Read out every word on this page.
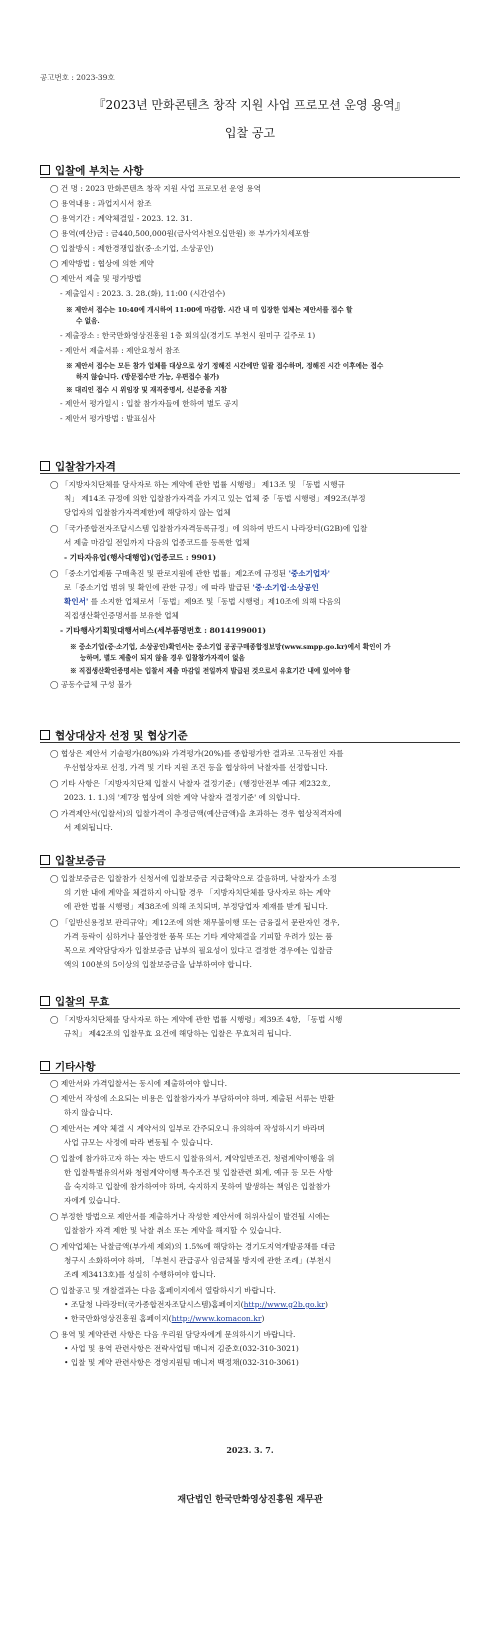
공고번호 : 2023-39호
『2023년 만화콘텐츠 창작 지원 사업 프로모션 운영 용역』
입찰 공고
입찰에 부치는 사항
◯ 건 명 : 2023 만화콘텐츠 창작 지원 사업 프로모션 운영 용역
◯ 용역내용 : 과업지시서 참조
◯ 용역기간 : 계약체결일 - 2023. 12. 31.
◯ 용역(예산)금 : 금440,500,000원(금사억사천오십만원) ※ 부가가치세포함
◯ 입찰방식 : 제한경쟁입찰(중·소기업, 소상공인)
◯ 계약방법 : 협상에 의한 계약
◯ 제안서 제출 및 평가방법
- 제출일시 : 2023. 3. 28.(화), 11:00 (시간엄수)
※ 제안서 접수는 10:40에 개시하여 11:00에 마감함. 시간 내 미 입장한 업체는 제안서를 접수 할
수 없음.
- 제출장소 : 한국만화영상진흥원 1층 회의실(경기도 부천시 원미구 길주로 1)
- 제안서 제출서류 : 제안요청서 참조
※ 제안서 접수는 모든 참가 업체를 대상으로 상기 정해진 시간에만 일괄 접수하며, 정해진 시간 이후에는 접수
하지 않습니다. (방문접수만 가능, 우편접수 불가)
※ 대리인 접수 시 위임장 및 재직증명서, 신분증을 지참
- 제안서 평가일시 : 입찰 참가자들에 한하여 별도 공지
- 제안서 평가방법 : 발표심사
입찰참가자격
◯ 「지방자치단체를 당사자로 하는 계약에 관한 법률 시행령」 제13조 및 「동법 시행규
칙」 제14조 규정에 의한 입찰참가자격을 가지고 있는 업체 중「동법 시행령」제92조(부정
당업자의 입찰참가자격제한)에 해당하지 않는 업체
◯ 「국가종합전자조달시스템 입찰참가자격등록규정」에 의하여 반드시 나라장터(G2B)에 입찰
서 제출 마감일 전일까지 다음의 업종코드를 등록한 업체
- 기타자유업(행사대행업)(업종코드 : 9901)
◯ 「중소기업제품 구매촉진 및 판로지원에 관한 법률」제2조에 규정된 '중소기업자'
로「중소기업 범위 및 확인에 관한 규정」에 따라 발급된 '중·소기업·소상공인
확인서' 를 소지한 업체로서「동법」제9조 및「동법 시행령」제10조에 의해 다음의
직접생산확인증명서를 보유한 업체
- 기타행사기획및대행서비스(세부품명번호 : 8014199001)
※ 중소기업(중·소기업, 소상공인)확인서는 중소기업 공공구매종합정보망(www.smpp.go.kr)에서 확인이 가
능하며, 별도 제출이 되지 않을 경우 입찰참가자격이 없음
※ 직접생산확인증명서는 입찰서 제출 마감일 전일까지 발급된 것으로서 유효기간 내에 있어야 함
◯ 공동수급체 구성 불가
협상대상자 선정 및 협상기준
◯ 협상은 제안서 기술평가(80%)와 가격평가(20%)를 종합평가한 결과로 고득점인 자를
우선협상자로 선정, 가격 및 기타 지원 조건 등을 협상하여 낙찰자를 선정합니다.
◯ 기타 사항은「지방자치단체 입찰시 낙찰자 결정기준」(행정안전부 예규 제232호,
2023. 1. 1.)의 '제7장 협상에 의한 계약 낙찰자 결정기준' 에 의합니다.
◯ 가격제안서(입찰서)의 입찰가격이 추정금액(예산금액)을 초과하는 경우 협상적격자에
서 제외됩니다.
입찰보증금
◯ 입찰보증금은 입찰참가 신청서에 입찰보증금 지급확약으로 갈음하며, 낙찰자가 소정
의 기한 내에 계약을 체결하지 아니할 경우 「지방자치단체를 당사자로 하는 계약
에 관한 법률 시행령」제38조에 의해 조치되며, 부정당업자 제재를 받게 됩니다.
◯ 「일반신용정보 관리규약」제12조에 의한 채무불이행 또는 금융질서 문란자인 경우,
가격 등락이 심하거나 불안정한 품목 또는 기타 계약체결을 기피할 우려가 있는 품
목으로 계약담당자가 입찰보증금 납부의 필요성이 있다고 결정한 경우에는 입찰금
액의 100분의 5이상의 입찰보증금을 납부하여야 합니다.
입찰의 무효
◯ 「지방자치단체를 당사자로 하는 계약에 관한 법률 시행령」제39조 4항, 「동법 시행
규칙」 제42조의 입찰무효 요건에 해당하는 입찰은 무효처리 됩니다.
기타사항
◯ 제안서와 가격입찰서는 동시에 제출하여야 합니다.
◯ 제안서 작성에 소요되는 비용은 입찰참가자가 부담하여야 하며, 제출된 서류는 반환
하지 않습니다.
◯ 제안서는 계약 체결 시 계약서의 일부로 간주되오니 유의하여 작성하시기 바라며
사업 규모는 사정에 따라 변동될 수 있습니다.
◯ 입찰에 참가하고자 하는 자는 반드시 입찰유의서, 계약일반조건, 청렴계약이행을 위
한 입찰특별유의서와 청렴계약이행 특수조건 및 입찰관련 회계, 예규 등 모든 사항
을 숙지하고 입찰에 참가하여야 하며, 숙지하지 못하여 발생하는 책임은 입찰참가
자에게 있습니다.
◯ 부정한 방법으로 제안서를 제출하거나 작성한 제안서에 허위사실이 발견될 시에는
입찰참가 자격 제한 및 낙찰 취소 또는 계약을 해지할 수 있습니다.
◯ 계약업체는 낙찰금액(부가세 제외)의 1.5%에 해당하는 경기도지역개발공채를 대금
청구시 소화하여야 하며, 「부천시 관급공사 임금체불 방지에 관한 조례」(부천시
조례 제3413호)를 성실히 수행하여야 합니다.
◯ 입찰공고 및 개찰결과는 다음 홈페이지에서 열람하시기 바랍니다.
• 조달청 나라장터(국가종합전자조달시스템)홈페이지(http://www.g2b.go.kr)
• 한국만화영상진흥원 홈페이지(http://www.komacon.kr)
◯ 용역 및 계약관련 사항은 다음 우리원 담당자에게 문의하시기 바랍니다.
• 사업 및 용역 관련사항은 전략사업팀 매니저 김준호(032-310-3021)
• 입찰 및 계약 관련사항은 경영지원팀 매니저 백정채(032-310-3061)
2023. 3. 7.
재단법인 한국만화영상진흥원 재무관
